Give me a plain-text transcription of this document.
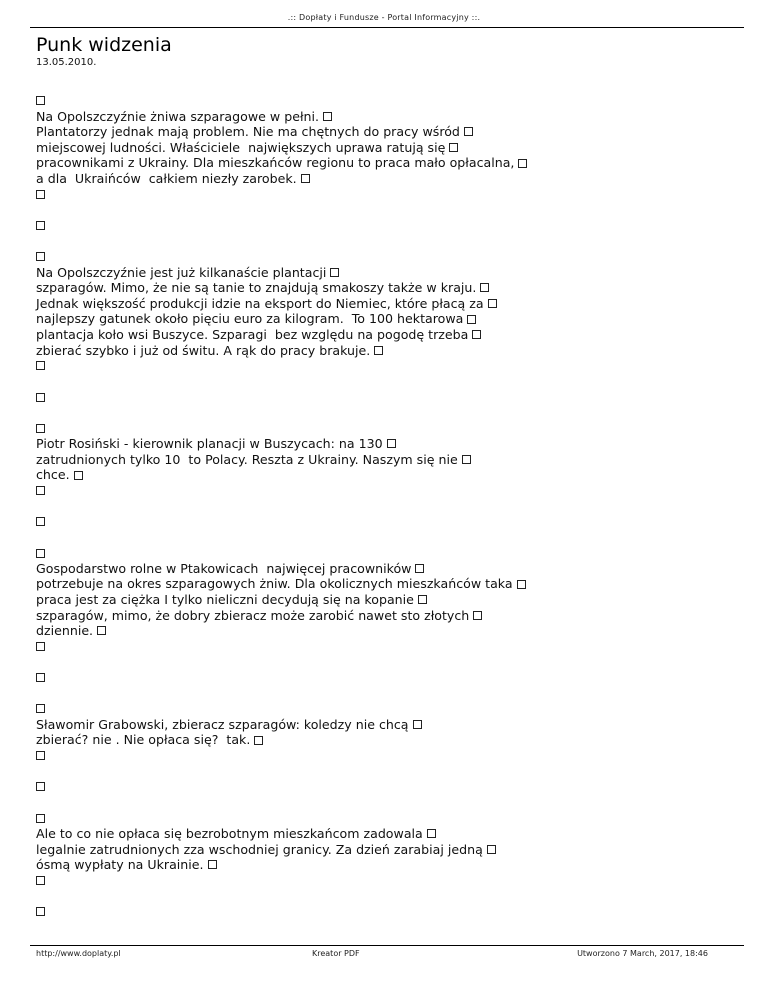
.:: Dopłaty i Fundusze - Portal Informacyjny ::.
Punk widzenia
13.05.2010.
Na Opolszczyźnie żniwa szparagowe w pełni.
Plantatorzy jednak mają problem. Nie ma chętnych do pracy wśród
miejscowej ludności. Właściciele  największych uprawa ratują się
pracownikami z Ukrainy. Dla mieszkańców regionu to praca mało opłacalna,
a dla  Ukraińców  całkiem niezły zarobek.
Na Opolszczyźnie jest już kilkanaście plantacji
szparagów. Mimo, że nie są tanie to znajdują smakoszy także w kraju.
Jednak większość produkcji idzie na eksport do Niemiec, które płacą za
najlepszy gatunek około pięciu euro za kilogram.  To 100 hektarowa
plantacja koło wsi Buszyce. Szparagi  bez względu na pogodę trzeba
zbierać szybko i już od świtu. A rąk do pracy brakuje.
Piotr Rosiński - kierownik planacji w Buszycach: na 130
zatrudnionych tylko 10  to Polacy. Reszta z Ukrainy. Naszym się nie
chce.
Gospodarstwo rolne w Ptakowicach  najwięcej pracowników
potrzebuje na okres szparagowych żniw. Dla okolicznych mieszkańców taka
praca jest za ciężka I tylko nieliczni decydują się na kopanie
szparagów, mimo, że dobry zbieracz może zarobić nawet sto złotych
dziennie.
Sławomir Grabowski, zbieracz szparagów: koledzy nie chcą
zbierać? nie . Nie opłaca się?  tak.
Ale to co nie opłaca się bezrobotnym mieszkańcom zadowala
legalnie zatrudnionych zza wschodniej granicy. Za dzień zarabiaj jedną
ósmą wypłaty na Ukrainie.
http://www.doplaty.pl	Kreator PDF	Utworzono 7 March, 2017, 18:46
